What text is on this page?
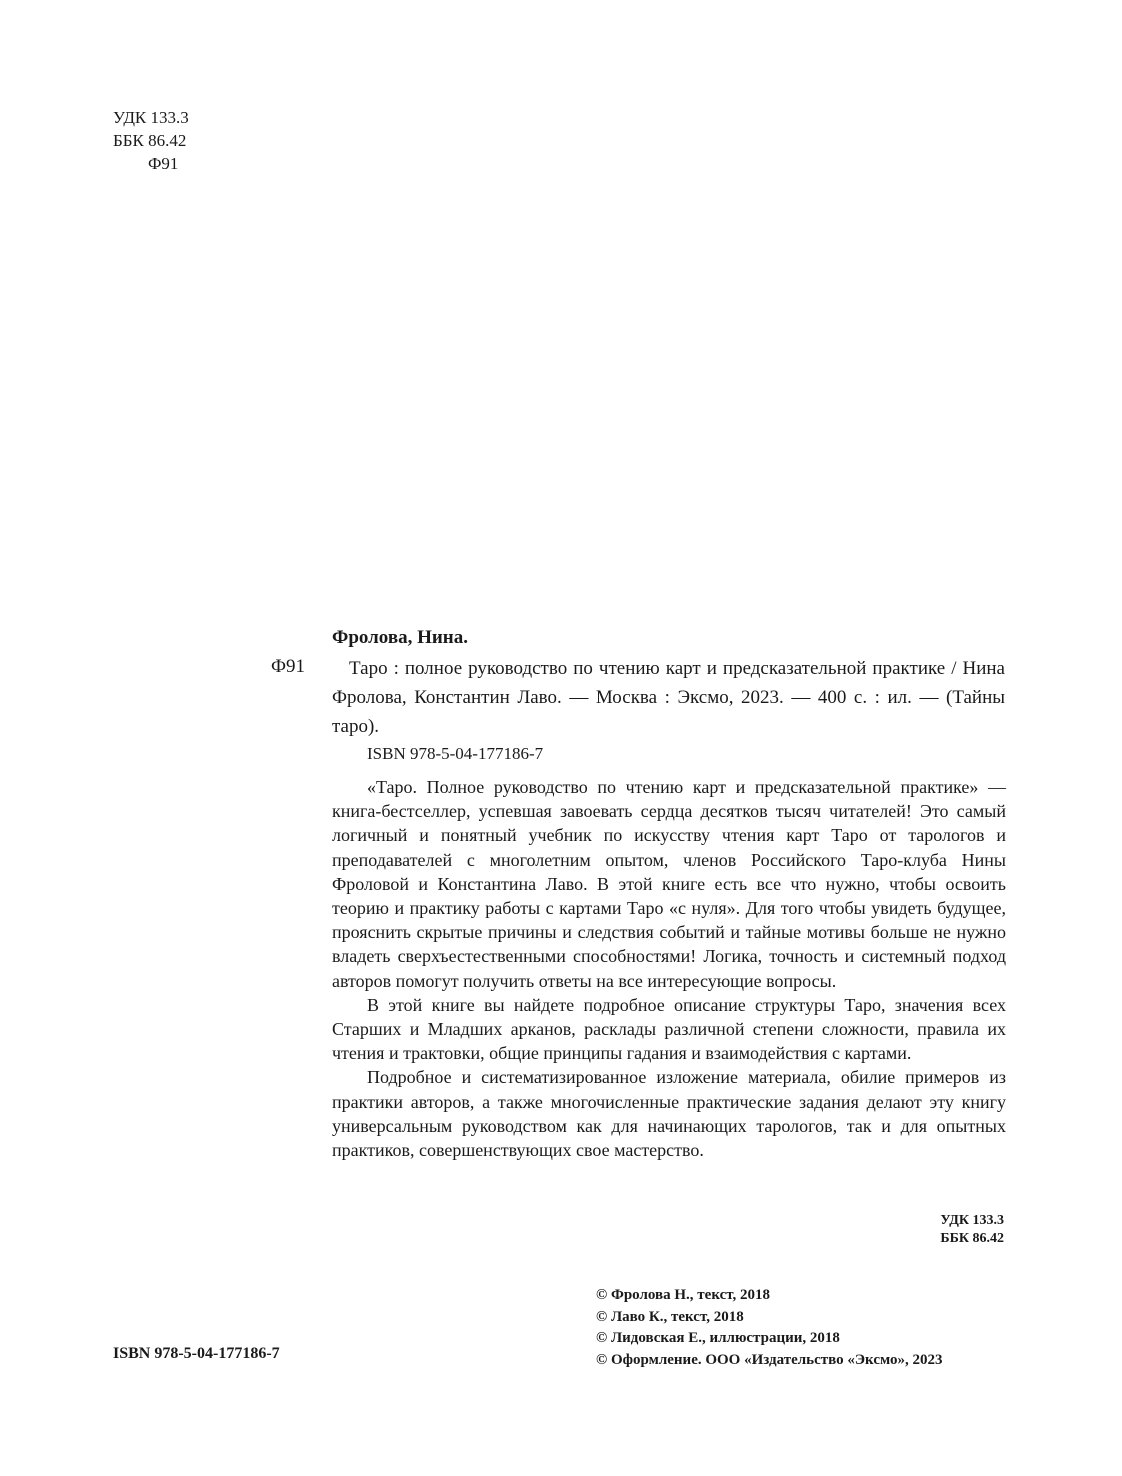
УДК 133.3
ББК 86.42
Ф91
Фролова, Нина.
Ф91	Таро : полное руководство по чтению карт и предсказательной практике / Нина Фролова, Константин Лаво. — Москва : Эксмо, 2023. — 400 с. : ил. — (Тайны таро).

ISBN 978-5-04-177186-7

«Таро. Полное руководство по чтению карт и предсказательной практике» — книга-бестселлер, успевшая завоевать сердца десятков тысяч читателей! Это самый логичный и понятный учебник по искусству чтения карт Таро от тарологов и преподавателей с многолетним опытом, членов Российского Таро-клуба Нины Фроловой и Константина Лаво. В этой книге есть все что нужно, чтобы освоить теорию и практику работы с картами Таро «с нуля». Для того чтобы увидеть будущее, прояснить скрытые причины и следствия событий и тайные мотивы больше не нужно владеть сверхъестественными способностями! Логика, точность и системный подход авторов помогут получить ответы на все интересующие вопросы.

В этой книге вы найдете подробное описание структуры Таро, значения всех Старших и Младших арканов, расклады различной степени сложности, правила их чтения и трактовки, общие принципы гадания и взаимодействия с картами.

Подробное и систематизированное изложение материала, обилие примеров из практики авторов, а также многочисленные практические задания делают эту книгу универсальным руководством как для начинающих тарологов, так и для опытных практиков, совершенствующих свое мастерство.

УДК 133.3
ББК 86.42
ISBN 978-5-04-177186-7
© Фролова Н., текст, 2018
© Лаво К., текст, 2018
© Лидовская Е., иллюстрации, 2018
© Оформление. ООО «Издательство «Эксмо», 2023
